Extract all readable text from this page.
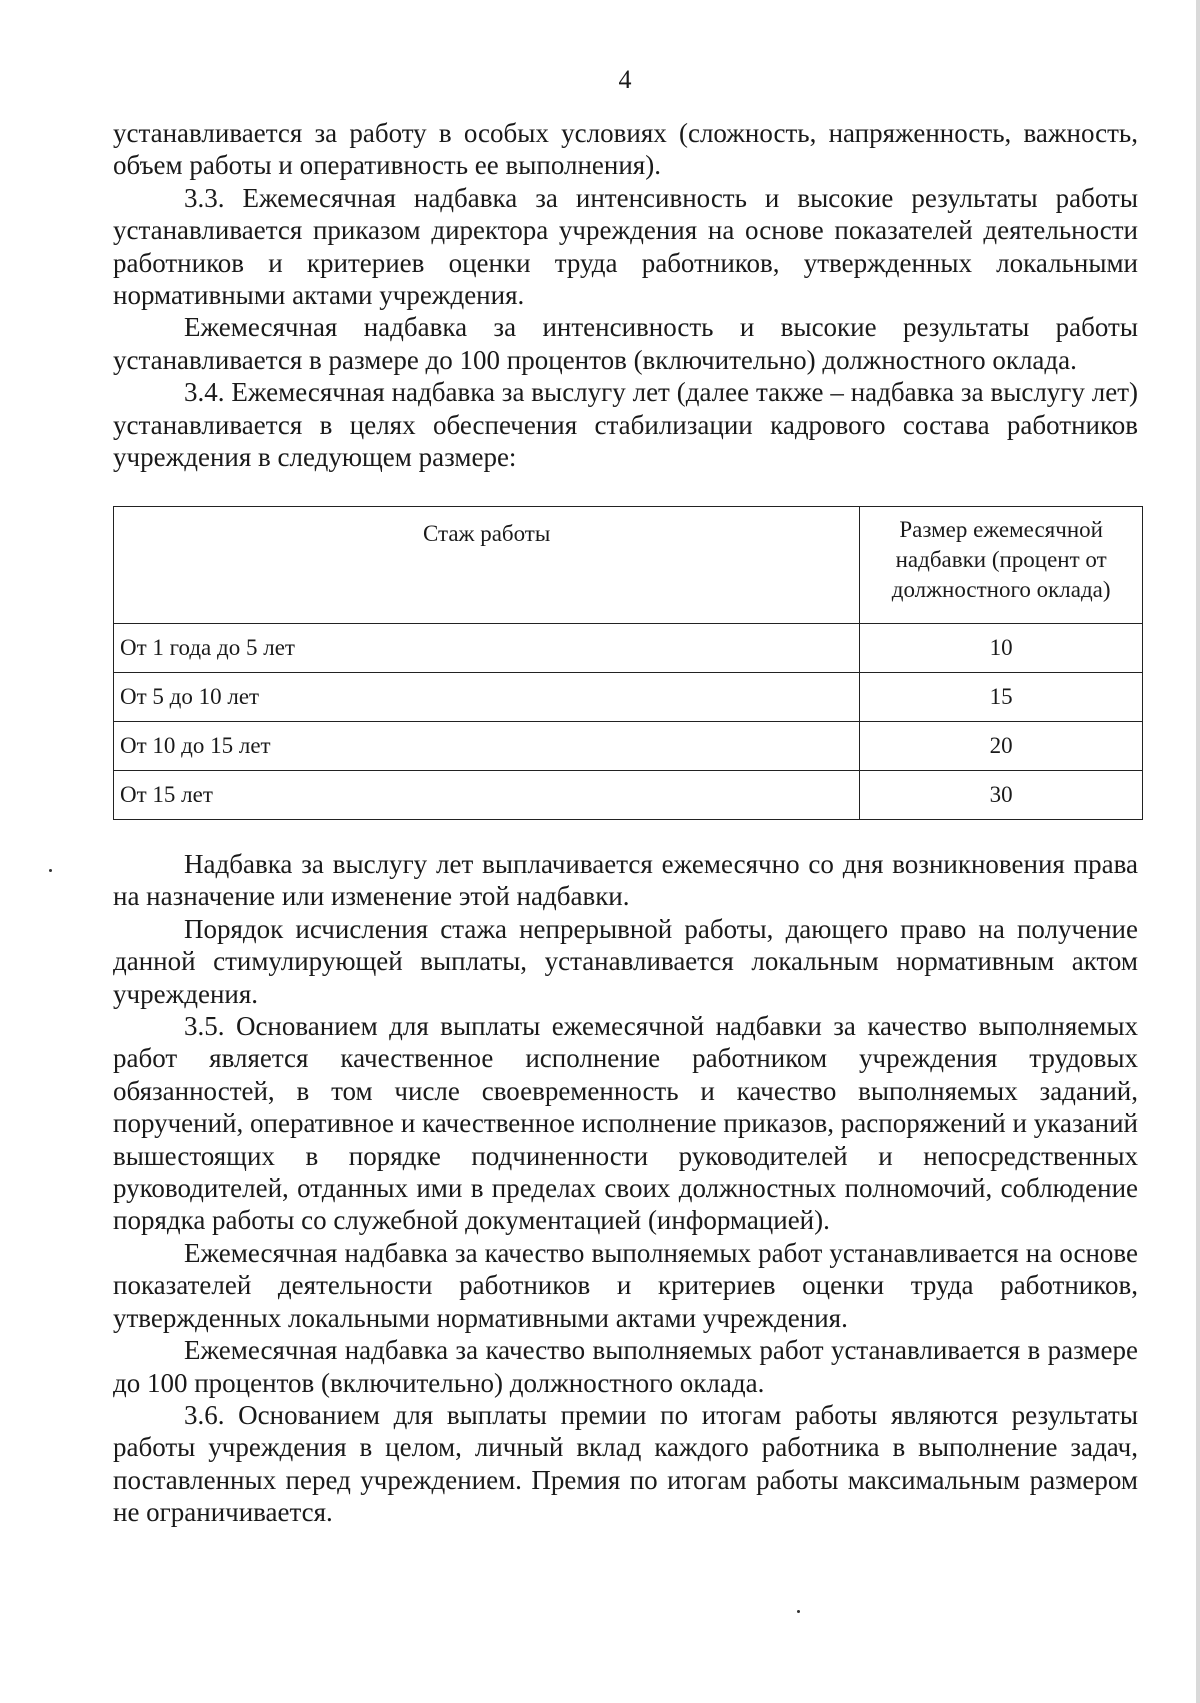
4

устанавливается за работу в особых условиях (сложность, напряженность, важность, объем работы и оперативность ее выполнения).

3.3. Ежемесячная надбавка за интенсивность и высокие результаты работы устанавливается приказом директора учреждения на основе показателей деятельности работников и критериев оценки труда работников, утвержденных локальными нормативными актами учреждения.

Ежемесячная надбавка за интенсивность и высокие результаты работы устанавливается в размере до 100 процентов (включительно) должностного оклада.

3.4. Ежемесячная надбавка за выслугу лет (далее также – надбавка за выслугу лет) устанавливается в целях обеспечения стабилизации кадрового состава работников учреждения в следующем размере:

Стаж работы	Размер ежемесячной надбавки (процент от должностного оклада)

От 1 года до 5 лет	10
От 5 до 10 лет	15
От 10 до 15 лет	20
От 15 лет	30

Надбавка за выслугу лет выплачивается ежемесячно со дня возникновения права на назначение или изменение этой надбавки.

Порядок исчисления стажа непрерывной работы, дающего право на получение данной стимулирующей выплаты, устанавливается локальным нормативным актом учреждения.

3.5. Основанием для выплаты ежемесячной надбавки за качество выполняемых работ является качественное исполнение работником учреждения трудовых обязанностей, в том числе своевременность и качество выполняемых заданий, поручений, оперативное и качественное исполнение приказов, распоряжений и указаний вышестоящих в порядке подчиненности руководителей и непосредственных руководителей, отданных ими в пределах своих должностных полномочий, соблюдение порядка работы со служебной документацией (информацией).

Ежемесячная надбавка за качество выполняемых работ устанавливается на основе показателей деятельности работников и критериев оценки труда работников, утвержденных локальными нормативными актами учреждения.

Ежемесячная надбавка за качество выполняемых работ устанавливается в размере до 100 процентов (включительно) должностного оклада.

3.6. Основанием для выплаты премии по итогам работы являются результаты работы учреждения в целом, личный вклад каждого работника в выполнение задач, поставленных перед учреждением. Премия по итогам работы максимальным размером не ограничивается.
